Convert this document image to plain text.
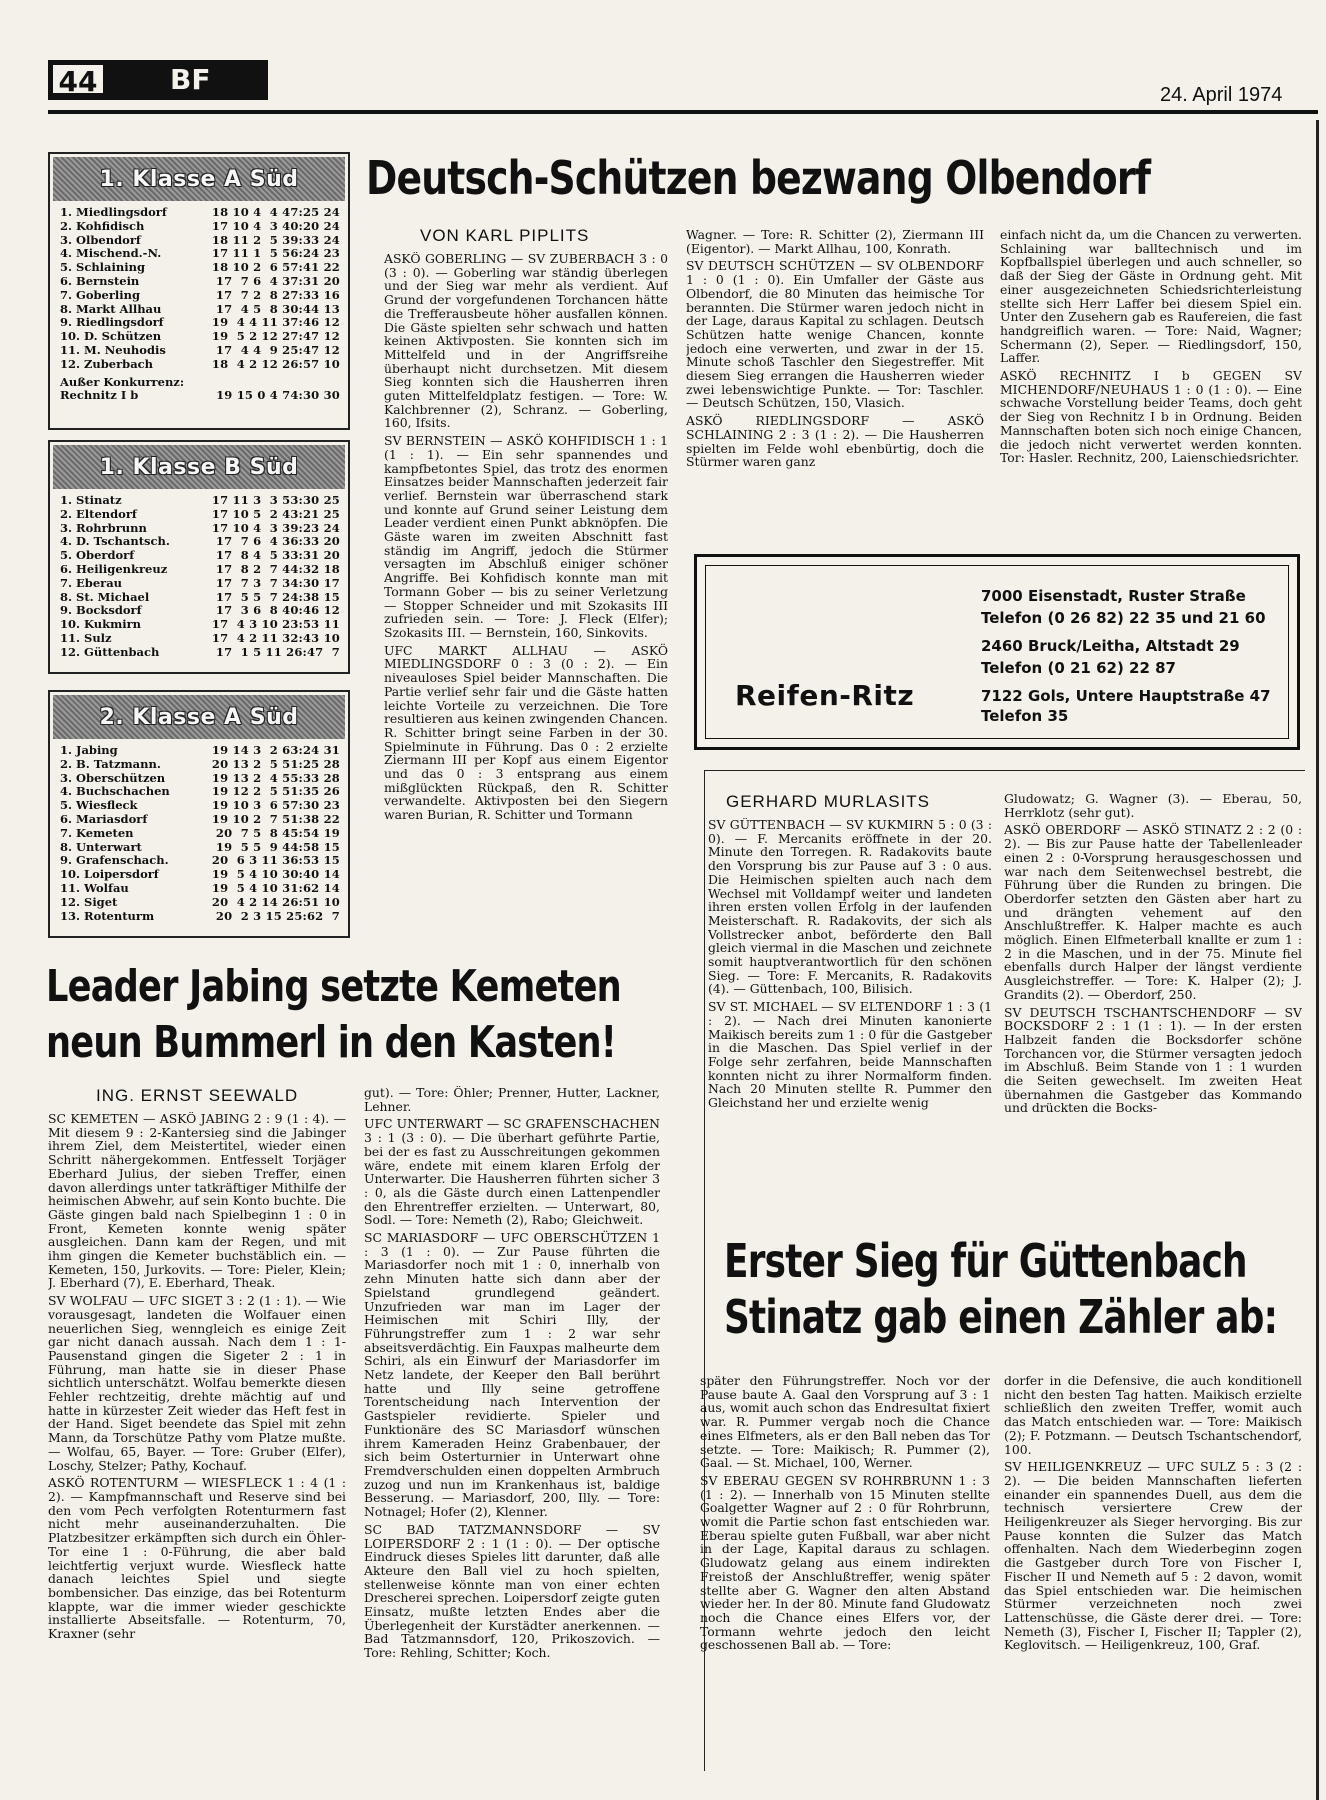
44	BF	24. April 1974
1. Klasse A Süd
1. Miedlingsdorf	18 10 4  4 47:25 24
2. Kohfidisch	17 10 4  3 40:20 24
3. Olbendorf	18 11 2  5 39:33 24
4. Mischend.-N.	17 11 1  5 56:24 23
5. Schlaining	18 10 2  6 57:41 22
6. Bernstein	17  7 6  4 37:31 20
7. Goberling	17  7 2  8 27:33 16
8. Markt Allhau	17  4 5  8 30:44 13
9. Riedlingsdorf	19  4 4 11 37:46 12
10. D. Schützen	19  5 2 12 27:47 12
11. M. Neuhodis	17  4 4  9 25:47 12
12. Zuberbach	18  4 2 12 26:57 10
Außer Konkurrenz:
Rechnitz I b	19 15 0 4 74:30 30
1. Klasse B Süd
1. Stinatz	17 11 3  3 53:30 25
2. Eltendorf	17 10 5  2 43:21 25
3. Rohrbrunn	17 10 4  3 39:23 24
4. D. Tschantsch.	17  7 6  4 36:33 20
5. Oberdorf	17  8 4  5 33:31 20
6. Heiligenkreuz	17  8 2  7 44:32 18
7. Eberau	17  7 3  7 34:30 17
8. St. Michael	17  5 5  7 24:38 15
9. Bocksdorf	17  3 6  8 40:46 12
10. Kukmirn	17  4 3 10 23:53 11
11. Sulz	17  4 2 11 32:43 10
12. Güttenbach	17  1 5 11 26:47  7
2. Klasse A Süd
1. Jabing	19 14 3  2 63:24 31
2. B. Tatzmann.	20 13 2  5 51:25 28
3. Oberschützen	19 13 2  4 55:33 28
4. Buchschachen	19 12 2  5 51:35 26
5. Wiesfleck	19 10 3  6 57:30 23
6. Mariasdorf	19 10 2  7 51:38 22
7. Kemeten	20  7 5  8 45:54 19
8. Unterwart	19  5 5  9 44:58 15
9. Grafenschach.	20  6 3 11 36:53 15
10. Loipersdorf	19  5 4 10 30:40 14
11. Wolfau	19  5 4 10 31:62 14
12. Siget	20  4 2 14 26:51 10
13. Rotenturm	20  2 3 15 25:62  7
Deutsch-Schützen bezwang Olbendorf
VON KARL PIPLITS

ASKÖ GOBERLING — SV ZUBERBACH 3 : 0 (3 : 0). — Goberling war ständig überlegen und der Sieg war mehr als verdient. Auf Grund der vorgefundenen Torchancen hätte die Trefferausbeute höher ausfallen können. Die Gäste spielten sehr schwach und hatten keinen Aktivposten. Sie konnten sich im Mittelfeld und in der Angriffsreihe überhaupt nicht durchsetzen. Mit diesem Sieg konnten sich die Hausherren ihren guten Mittelfeldplatz festigen. — Tore: W. Kalchbrenner (2), Schranz. — Goberling, 160, Ifsits.

SV BERNSTEIN — ASKÖ KOHFIDISCH 1 : 1 (1 : 1). — Ein sehr spannendes und kampfbetontes Spiel, das trotz des enormen Einsatzes beider Mannschaften jederzeit fair verlief. Bernstein war überraschend stark und konnte auf Grund seiner Leistung dem Leader verdient einen Punkt abknöpfen. Die Gäste waren im zweiten Abschnitt fast ständig im Angriff, jedoch die Stürmer versagten im Abschluß einiger schöner Angriffe. Bei Kohfidisch konnte man mit Tormann Gober — bis zu seiner Verletzung — Stopper Schneider und mit Szokasits III zufrieden sein. — Tore: J. Fleck (Elfer); Szokasits III. — Bernstein, 160, Sinkovits.

UFC MARKT ALLHAU — ASKÖ MIEDLINGSDORF 0 : 3 (0 : 2). — Ein niveauloses Spiel beider Mannschaften. Die Partie verlief sehr fair und die Gäste hatten leichte Vorteile zu verzeichnen. Die Tore resultieren aus keinen zwingenden Chancen. R. Schitter bringt seine Farben in der 30. Spielminute in Führung. Das 0 : 2 erzielte Ziermann III per Kopf aus einem Eigentor und das 0 : 3 entsprang aus einem mißglückten Rückpaß, den R. Schitter verwandelte. Aktivposten bei den Siegern waren Burian, R. Schitter und Tormann

Wagner. — Tore: R. Schitter (2), Ziermann III (Eigentor). — Markt Allhau, 100, Konrath.

SV DEUTSCH SCHÜTZEN — SV OLBENDORF 1 : 0 (1 : 0). Ein Umfaller der Gäste aus Olbendorf, die 80 Minuten das heimische Tor berannten. Die Stürmer waren jedoch nicht in der Lage, daraus Kapital zu schlagen. Deutsch Schützen hatte wenige Chancen, konnte jedoch eine verwerten, und zwar in der 15. Minute schoß Taschler den Siegestreffer. Mit diesem Sieg errangen die Hausherren wieder zwei lebenswichtige Punkte. — Tor: Taschler. — Deutsch Schützen, 150, Vlasich.

ASKÖ RIEDLINGSDORF — ASKÖ SCHLAINING 2 : 3 (1 : 2). — Die Hausherren spielten im Felde wohl ebenbürtig, doch die Stürmer waren ganz

einfach nicht da, um die Chancen zu verwerten. Schlaining war balltechnisch und im Kopfballspiel überlegen und auch schneller, so daß der Sieg der Gäste in Ordnung geht. Mit einer ausgezeichneten Schiedsrichterleistung stellte sich Herr Laffer bei diesem Spiel ein. Unter den Zusehern gab es Raufereien, die fast handgreiflich waren. — Tore: Naid, Wagner; Schermann (2), Seper. — Riedlingsdorf, 150, Laffer.

ASKÖ RECHNITZ I b GEGEN SV MICHENDORF/NEUHAUS 1 : 0 (1 : 0). — Eine schwache Vorstellung beider Teams, doch geht der Sieg von Rechnitz I b in Ordnung. Beiden Mannschaften boten sich noch einige Chancen, die jedoch nicht verwertet werden konnten. Tor: Hasler. Rechnitz, 200, Laienschiedsrichter.

Reifen-Ritz
7000 Eisenstadt, Ruster Straße
Telefon (0 26 82) 22 35 und 21 60
2460 Bruck/Leitha, Altstadt 29
Telefon (0 21 62) 22 87
7122 Gols, Untere Hauptstraße 47
Telefon 35
GERHARD MURLASITS

SV GÜTTENBACH — SV KUKMIRN 5 : 0 (3 : 0). — F. Mercanits eröffnete in der 20. Minute den Torregen. R. Radakovits baute den Vorsprung bis zur Pause auf 3 : 0 aus. Die Heimischen spielten auch nach dem Wechsel mit Volldampf weiter und landeten ihren ersten vollen Erfolg in der laufenden Meisterschaft. R. Radakovits, der sich als Vollstrecker anbot, beförderte den Ball gleich viermal in die Maschen und zeichnete somit hauptverantwortlich für den schönen Sieg. — Tore: F. Mercanits, R. Radakovits (4). — Güttenbach, 100, Bilisich.

SV ST. MICHAEL — SV ELTENDORF 1 : 3 (1 : 2). — Nach drei Minuten kanonierte Maikisch bereits zum 1 : 0 für die Gastgeber in die Maschen. Das Spiel verlief in der Folge sehr zerfahren, beide Mannschaften konnten nicht zu ihrer Normalform finden. Nach 20 Minuten stellte R. Pummer den Gleichstand her und erzielte wenig

Gludowatz; G. Wagner (3). — Eberau, 50, Herrklotz (sehr gut).

ASKÖ OBERDORF — ASKÖ STINATZ 2 : 2 (0 : 2). — Bis zur Pause hatte der Tabellenleader einen 2 : 0-Vorsprung herausgeschossen und war nach dem Seitenwechsel bestrebt, die Führung über die Runden zu bringen. Die Oberdorfer setzten den Gästen aber hart zu und drängten vehement auf den Anschlußtreffer. K. Halper machte es auch möglich. Einen Elfmeterball knallte er zum 1 : 2 in die Maschen, und in der 75. Minute fiel ebenfalls durch Halper der längst verdiente Ausgleichstreffer. — Tore: K. Halper (2); J. Grandits (2). — Oberdorf, 250.

SV DEUTSCH TSCHANTSCHENDORF — SV BOCKSDORF 2 : 1 (1 : 1). — In der ersten Halbzeit fanden die Bocksdorfer schöne Torchancen vor, die Stürmer versagten jedoch im Abschluß. Beim Stande von 1 : 1 wurden die Seiten gewechselt. Im zweiten Heat übernahmen die Gastgeber das Kommando und drückten die Bocks-

Erster Sieg für Güttenbach
Stinatz gab einen Zähler ab:

später den Führungstreffer. Noch vor der Pause baute A. Gaal den Vorsprung auf 3 : 1 aus, womit auch schon das Endresultat fixiert war. R. Pummer vergab noch die Chance eines Elfmeters, als er den Ball neben das Tor setzte. — Tore: Maikisch; R. Pummer (2), Gaal. — St. Michael, 100, Werner.

SV EBERAU GEGEN SV ROHRBRUNN 1 : 3 (1 : 2). — Innerhalb von 15 Minuten stellte Goalgetter Wagner auf 2 : 0 für Rohrbrunn, womit die Partie schon fast entschieden war. Eberau spielte guten Fußball, war aber nicht in der Lage, Kapital daraus zu schlagen. Gludowatz gelang aus einem indirekten Freistoß der Anschlußtreffer, wenig später stellte aber G. Wagner den alten Abstand wieder her. In der 80. Minute fand Gludowatz noch die Chance eines Elfers vor, der Tormann wehrte jedoch den leicht geschossenen Ball ab. — Tore:

dorfer in die Defensive, die auch konditionell nicht den besten Tag hatten. Maikisch erzielte schließlich den zweiten Treffer, womit auch das Match entschieden war. — Tore: Maikisch (2); F. Potzmann. — Deutsch Tschantschendorf, 100.

SV HEILIGENKREUZ — UFC SULZ 5 : 3 (2 : 2). — Die beiden Mannschaften lieferten einander ein spannendes Duell, aus dem die technisch versiertere Crew der Heiligenkreuzer als Sieger hervorging. Bis zur Pause konnten die Sulzer das Match offenhalten. Nach dem Wiederbeginn zogen die Gastgeber durch Tore von Fischer I, Fischer II und Nemeth auf 5 : 2 davon, womit das Spiel entschieden war. Die heimischen Stürmer verzeichneten noch zwei Lattenschüsse, die Gäste derer drei. — Tore: Nemeth (3), Fischer I, Fischer II; Tappler (2), Keglovitsch. — Heiligenkreuz, 100, Graf.

Leader Jabing setzte Kemeten
neun Bummerl in den Kasten!
ING. ERNST SEEWALD

SC KEMETEN — ASKÖ JABING 2 : 9 (1 : 4). — Mit diesem 9 : 2-Kantersieg sind die Jabinger ihrem Ziel, dem Meistertitel, wieder einen Schritt nähergekommen. Entfesselt Torjäger Eberhard Julius, der sieben Treffer, einen davon allerdings unter tatkräftiger Mithilfe der heimischen Abwehr, auf sein Konto buchte. Die Gäste gingen bald nach Spielbeginn 1 : 0 in Front, Kemeten konnte wenig später ausgleichen. Dann kam der Regen, und mit ihm gingen die Kemeter buchstäblich ein. — Kemeten, 150, Jurkovits. — Tore: Pieler, Klein; J. Eberhard (7), E. Eberhard, Theak.

SV WOLFAU — UFC SIGET 3 : 2 (1 : 1). — Wie vorausgesagt, landeten die Wolfauer einen neuerlichen Sieg, wenngleich es einige Zeit gar nicht danach aussah. Nach dem 1 : 1-Pausenstand gingen die Sigeter 2 : 1 in Führung, man hatte sie in dieser Phase sichtlich unterschätzt. Wolfau bemerkte diesen Fehler rechtzeitig, drehte mächtig auf und hatte in kürzester Zeit wieder das Heft fest in der Hand. Siget beendete das Spiel mit zehn Mann, da Torschütze Pathy vom Platze mußte. — Wolfau, 65, Bayer. — Tore: Gruber (Elfer), Loschy, Stelzer; Pathy, Kochauf.

ASKÖ ROTENTURM — WIESFLECK 1 : 4 (1 : 2). — Kampfmannschaft und Reserve sind bei den vom Pech verfolgten Rotenturmern fast nicht mehr auseinanderzuhalten. Die Platzbesitzer erkämpften sich durch ein Öhler-Tor eine 1 : 0-Führung, die aber bald leichtfertig verjuxt wurde. Wiesfleck hatte danach leichtes Spiel und siegte bombensicher. Das einzige, das bei Rotenturm klappte, war die immer wieder geschickte installierte Abseitsfalle. — Rotenturm, 70, Kraxner (sehr

gut). — Tore: Öhler; Prenner, Hutter, Lackner, Lehner.

UFC UNTERWART — SC GRAFENSCHACHEN 3 : 1 (3 : 0). — Die überhart geführte Partie, bei der es fast zu Ausschreitungen gekommen wäre, endete mit einem klaren Erfolg der Unterwarter. Die Hausherren führten sicher 3 : 0, als die Gäste durch einen Lattenpendler den Ehrentreffer erzielten. — Unterwart, 80, Sodl. — Tore: Nemeth (2), Rabo; Gleichweit.

SC MARIASDORF — UFC OBERSCHÜTZEN 1 : 3 (1 : 0). — Zur Pause führten die Mariasdorfer noch mit 1 : 0, innerhalb von zehn Minuten hatte sich dann aber der Spielstand grundlegend geändert. Unzufrieden war man im Lager der Heimischen mit Schiri Illy, der Führungstreffer zum 1 : 2 war sehr abseitsverdächtig. Ein Fauxpas malheurte dem Schiri, als ein Einwurf der Mariasdorfer im Netz landete, der Keeper den Ball berührt hatte und Illy seine getroffene Torentscheidung nach Intervention der Gastspieler revidierte. Spieler und Funktionäre des SC Mariasdorf wünschen ihrem Kameraden Heinz Grabenbauer, der sich beim Osterturnier in Unterwart ohne Fremdverschulden einen doppelten Armbruch zuzog und nun im Krankenhaus ist, baldige Besserung. — Mariasdorf, 200, Illy. — Tore: Notnagel; Hofer (2), Klenner.

SC BAD TATZMANNSDORF — SV LOIPERSDORF 2 : 1 (1 : 0). — Der optische Eindruck dieses Spieles litt darunter, daß alle Akteure den Ball viel zu hoch spielten, stellenweise könnte man von einer echten Drescherei sprechen. Loipersdorf zeigte guten Einsatz, mußte letzten Endes aber die Überlegenheit der Kurstädter anerkennen. — Bad Tatzmannsdorf, 120, Prikoszovich. — Tore: Rehling, Schitter; Koch.
